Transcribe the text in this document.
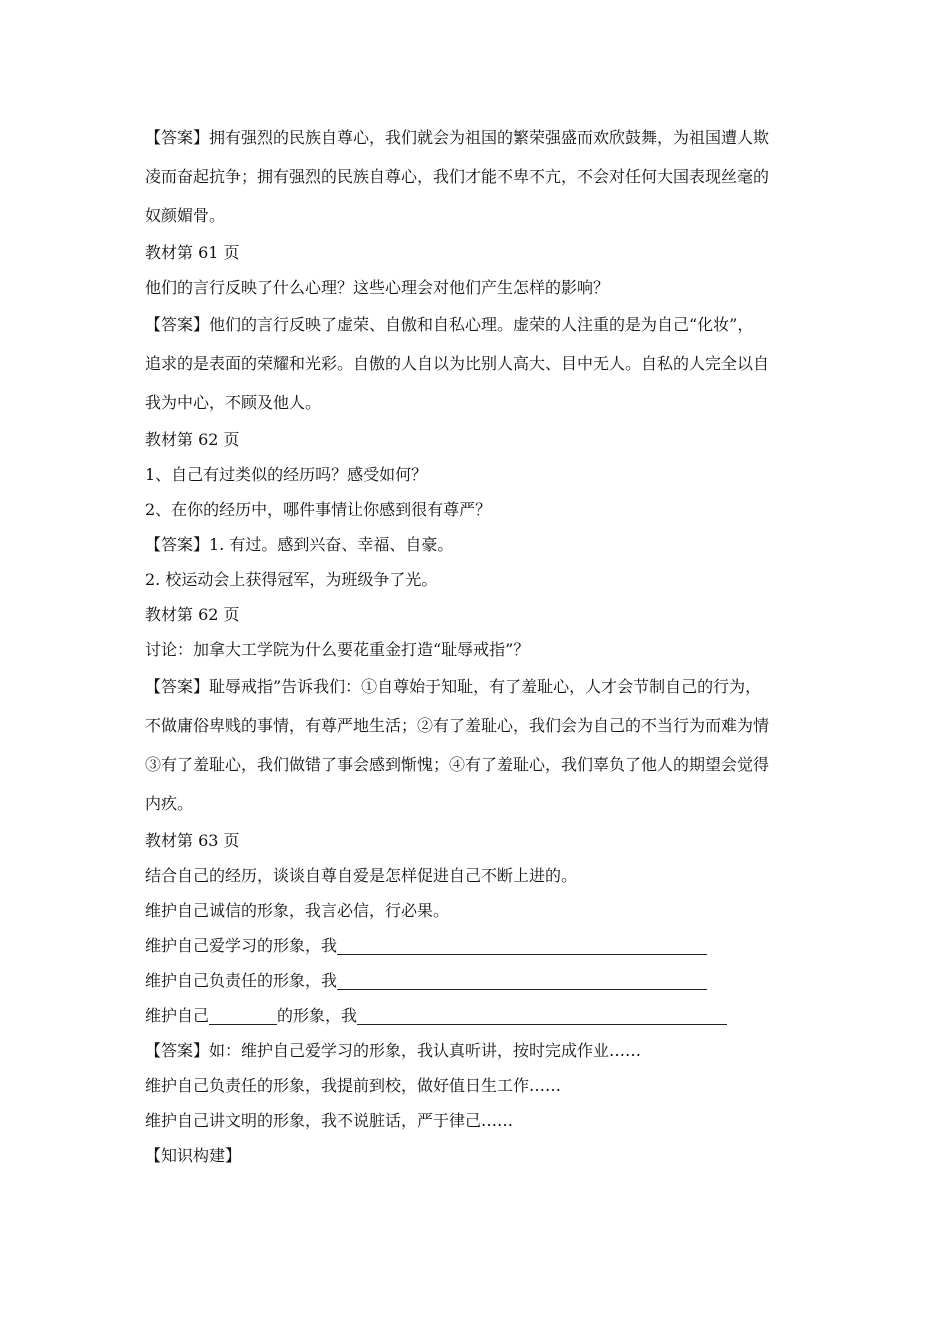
【答案】拥有强烈的民族自尊心，我们就会为祖国的繁荣强盛而欢欣鼓舞，为祖国遭人欺
凌而奋起抗争；拥有强烈的民族自尊心，我们才能不卑不亢，不会对任何大国表现丝毫的
奴颜媚骨。
教材第 61 页
他们的言行反映了什么心理？这些心理会对他们产生怎样的影响？
【答案】他们的言行反映了虚荣、自傲和自私心理。虚荣的人注重的是为自己“化妆”，
追求的是表面的荣耀和光彩。自傲的人自以为比别人高大、目中无人。自私的人完全以自
我为中心，不顾及他人。
教材第 62 页
1、自己有过类似的经历吗？感受如何？
2、在你的经历中，哪件事情让你感到很有尊严？
【答案】1. 有过。感到兴奋、幸福、自豪。
2. 校运动会上获得冠军，为班级争了光。
教材第 62 页
讨论：加拿大工学院为什么要花重金打造“耻辱戒指”？
【答案】耻辱戒指”告诉我们：①自尊始于知耻，有了羞耻心，人才会节制自己的行为，
不做庸俗卑贱的事情，有尊严地生活；②有了羞耻心，我们会为自己的不当行为而难为情
③有了羞耻心，我们做错了事会感到惭愧；④有了羞耻心，我们辜负了他人的期望会觉得
内疚。
教材第 63 页
结合自己的经历，谈谈自尊自爱是怎样促进自己不断上进的。
维护自己诚信的形象，我言必信，行必果。
维护自己爱学习的形象，我
维护自己负责任的形象，我
维护自己	的形象，我
【答案】如：维护自己爱学习的形象，我认真听讲，按时完成作业……
维护自己负责任的形象，我提前到校，做好值日生工作……
维护自己讲文明的形象，我不说脏话，严于律己……
【知识构建】
